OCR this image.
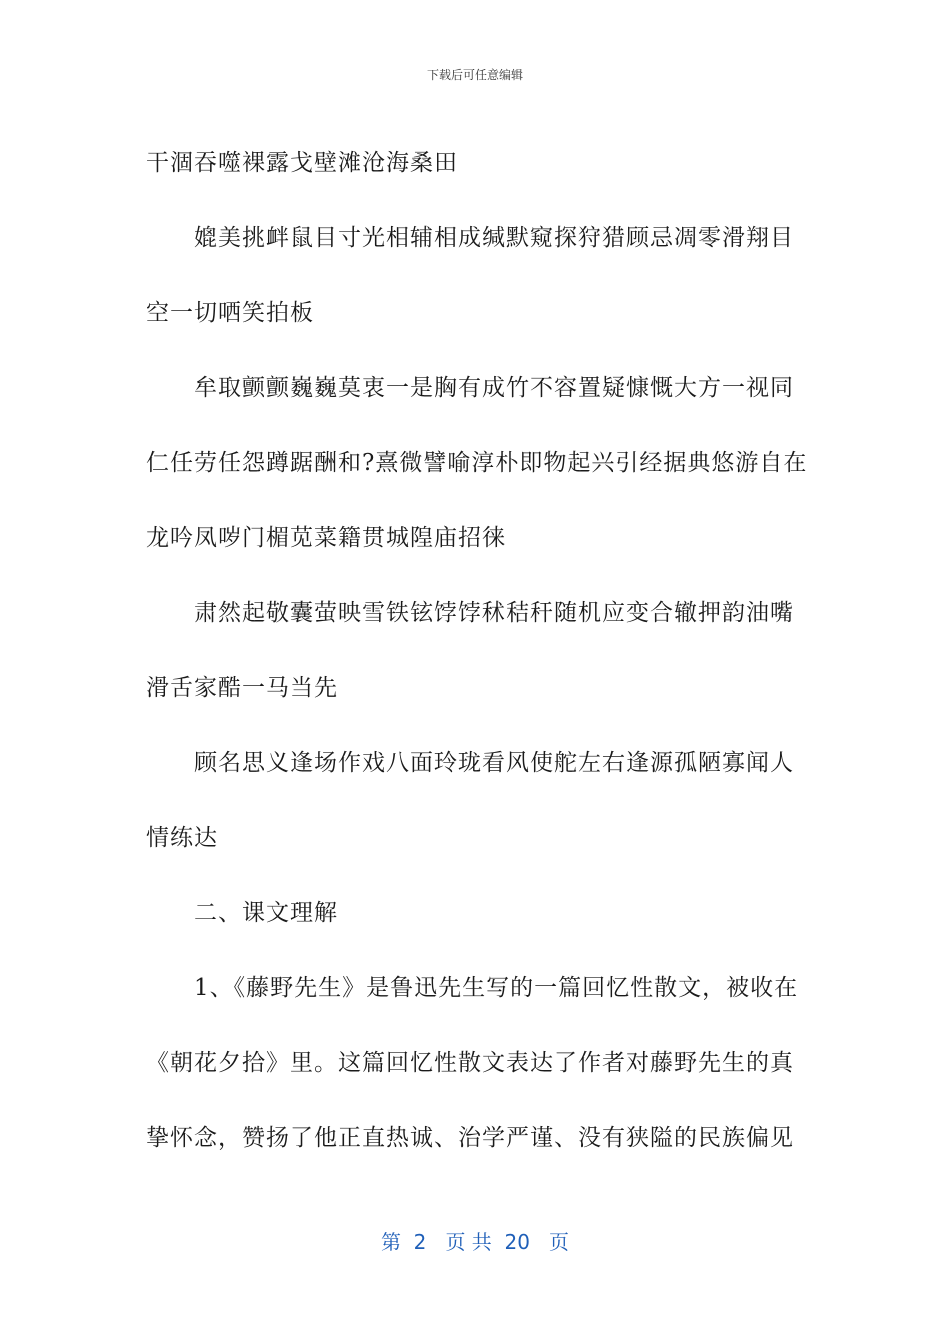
下载后可任意编辑
干涸吞噬裸露戈壁滩沧海桑田
媲美挑衅鼠目寸光相辅相成缄默窥探狩猎顾忌凋零滑翔目
空一切哂笑拍板
牟取颤颤巍巍莫衷一是胸有成竹不容置疑慷慨大方一视同
仁任劳任怨蹲踞酬和?熹微譬喻淳朴即物起兴引经据典悠游自在
龙吟凤哕门楣苋菜籍贯城隍庙招徕
肃然起敬囊萤映雪铁铉饽饽秫秸秆随机应变合辙押韵油嘴
滑舌家酷一马当先
顾名思义逢场作戏八面玲珑看风使舵左右逢源孤陋寡闻人
情练达
二、课文理解
1、《藤野先生》是鲁迅先生写的一篇回忆性散文，被收在
《朝花夕拾》里。这篇回忆性散文表达了作者对藤野先生的真
挚怀念，赞扬了他正直热诚、治学严谨、没有狭隘的民族偏见
第  2   页 共  20   页
